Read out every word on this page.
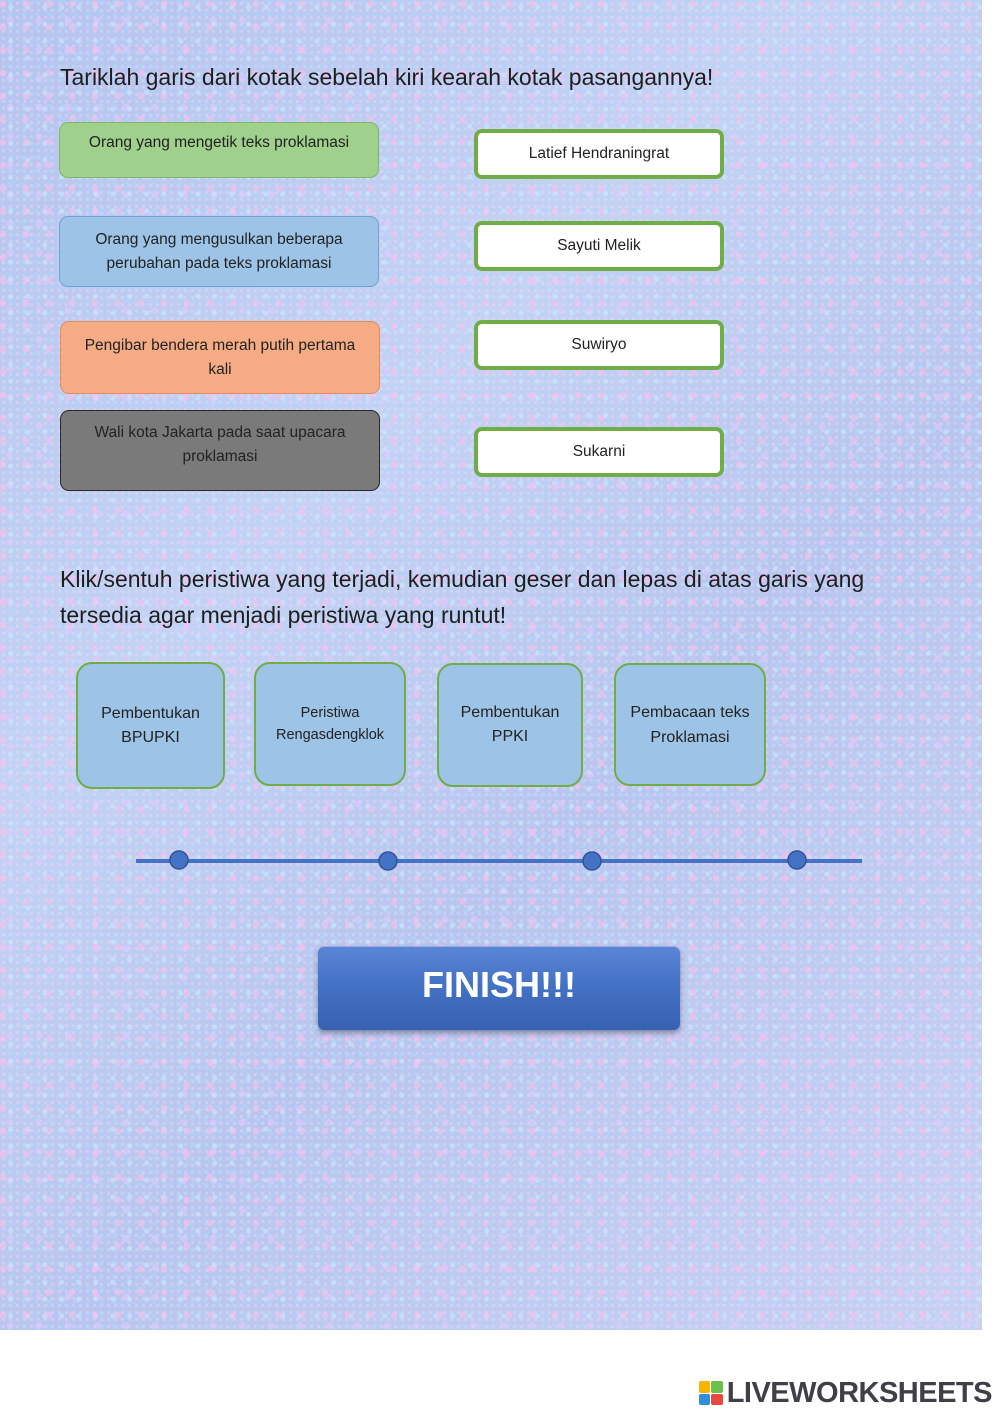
Tariklah garis dari kotak sebelah kiri kearah kotak pasangannya!
Orang yang mengetik teks proklamasi
Orang yang mengusulkan beberapa perubahan pada teks proklamasi
Pengibar bendera merah putih pertama kali
Wali kota Jakarta pada saat upacara proklamasi
Latief Hendraningrat
Sayuti Melik
Suwiryo
Sukarni
Klik/sentuh peristiwa yang terjadi, kemudian geser dan lepas di atas garis yang tersedia agar menjadi peristiwa yang runtut!
Pembentukan BPUPKI
Peristiwa Rengasdengklok
Pembentukan PPKI
Pembacaan teks Proklamasi
FINISH!!!
LIVEWORKSHEETS
